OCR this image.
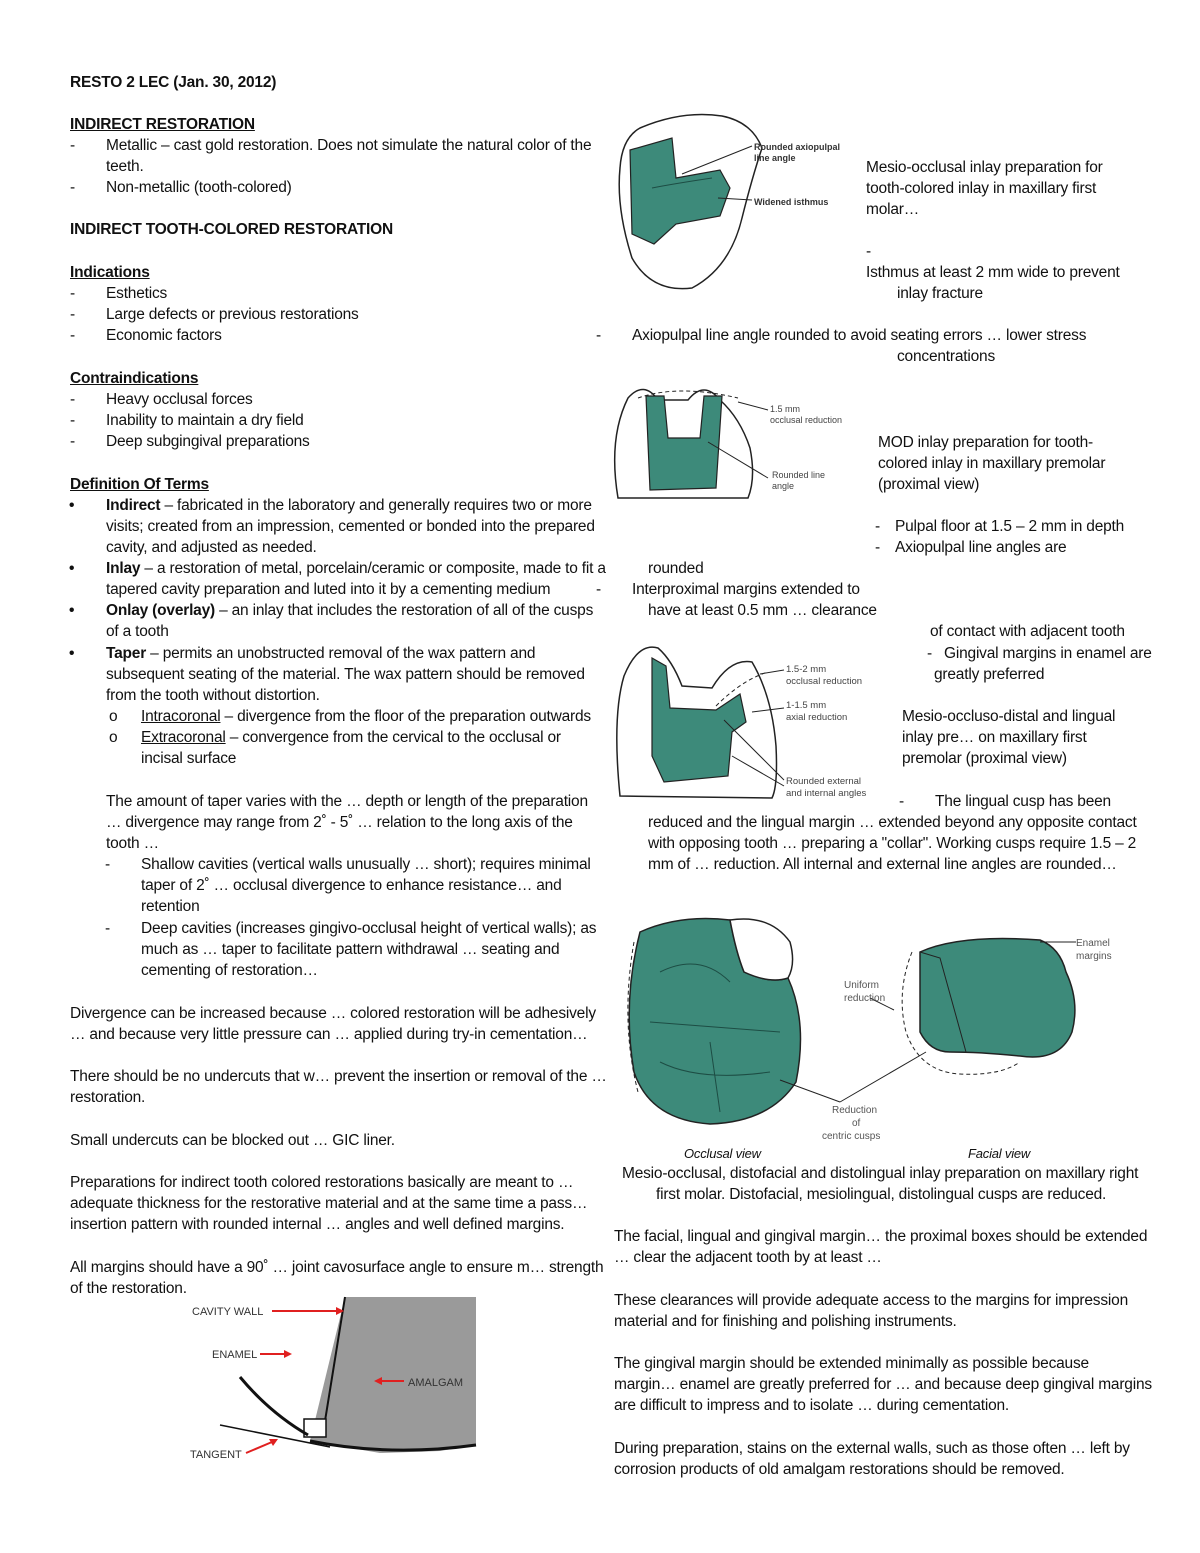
RESTO 2 LEC (Jan. 30, 2012)
INDIRECT RESTORATION
- Metallic – cast gold restoration. Does not simulate the natural color of the
teeth.
- Non-metallic (tooth-colored)
INDIRECT TOOTH-COLORED RESTORATION
Indications
- Esthetics
- Large defects or previous restorations
- Economic factors
Contraindications
- Heavy occlusal forces
- Inability to maintain a dry field
- Deep subgingival preparations
Definition Of Terms
• Indirect – fabricated in the laboratory and generally requires two or more
visits; created from an impression, cemented or bonded into the prepared
cavity, and adjusted as needed.
• Inlay – a restoration of metal, porcelain/ceramic or composite, made to fit a
tapered cavity preparation and luted into it by a cementing medium
• Onlay (overlay) – an inlay that includes the restoration of all of the cusps
of a tooth
• Taper – permits an unobstructed removal of the wax pattern and
subsequent seating of the material. The wax pattern should be removed
from the tooth without distortion.
o Intracoronal – divergence from the floor of the preparation outwards
o Extracoronal – convergence from the cervical to the occlusal or
incisal surface
The amount of taper varies with the … depth or length of the preparation
… divergence may range from 2˚ - 5˚ … relation to the long axis of the
tooth …
- Shallow cavities (vertical walls unusually … short); requires minimal
taper of 2˚ … occlusal divergence to enhance resistance… and
retention
- Deep cavities (increases gingivo-occlusal height of vertical walls); as
much as … taper to facilitate pattern withdrawal … seating and
cementing of restoration…
Divergence can be increased because … colored restoration will be adhesively
… and because very little pressure can … applied during try-in cementation…
There should be no undercuts that w… prevent the insertion or removal of the …
restoration.
Small undercuts can be blocked out … GIC liner.
Preparations for indirect tooth colored restorations basically are meant to …
adequate thickness for the restorative material and at the same time a pass…
insertion pattern with rounded internal … angles and well defined margins.
All margins should have a 90˚ … joint cavosurface angle to ensure m… strength
of the restoration.
CAVITY WALL
ENAMEL
AMALGAM
TANGENT
Rounded axiopulpal
line angle
Widened isthmus
Mesio-occlusal inlay preparation for
tooth-colored inlay in maxillary first
molar…
-
Isthmus at least 2 mm wide to prevent
inlay fracture
- Axiopulpal line angle rounded to avoid seating errors … lower stress
concentrations
1.5 mm
occlusal reduction
Rounded line
angle
MOD inlay preparation for tooth-
colored inlay in maxillary premolar
(proximal view)
- Pulpal floor at 1.5 – 2 mm in depth
- Axiopulpal line angles are
rounded
- Interproximal margins extended to
have at least 0.5 mm … clearance
of contact with adjacent tooth
- Gingival margins in enamel are
greatly preferred
1.5-2 mm
occlusal reduction
1-1.5 mm
axial reduction
Rounded external
and internal angles
Mesio-occluso-distal and lingual
inlay pre… on maxillary first
premolar (proximal view)
- The lingual cusp has been
reduced and the lingual margin … extended beyond any opposite contact
with opposing tooth … preparing a "collar". Working cusps require 1.5 – 2
mm of … reduction. All internal and external line angles are rounded…
Enamel
margins
Uniform
reduction
Reduction
of
centric cusps
Occlusal view	Facial view
Mesio-occlusal, distofacial and distolingual inlay preparation on maxillary right
first molar. Distofacial, mesiolingual, distolingual cusps are reduced.
The facial, lingual and gingival margin… the proximal boxes should be extended
… clear the adjacent tooth by at least …
These clearances will provide adequate access to the margins for impression
material and for finishing and polishing instruments.
The gingival margin should be extended minimally as possible because
margin… enamel are greatly preferred for … and because deep gingival margins
are difficult to impress and to isolate … during cementation.
During preparation, stains on the external walls, such as those often … left by
corrosion products of old amalgam restorations should be removed.
